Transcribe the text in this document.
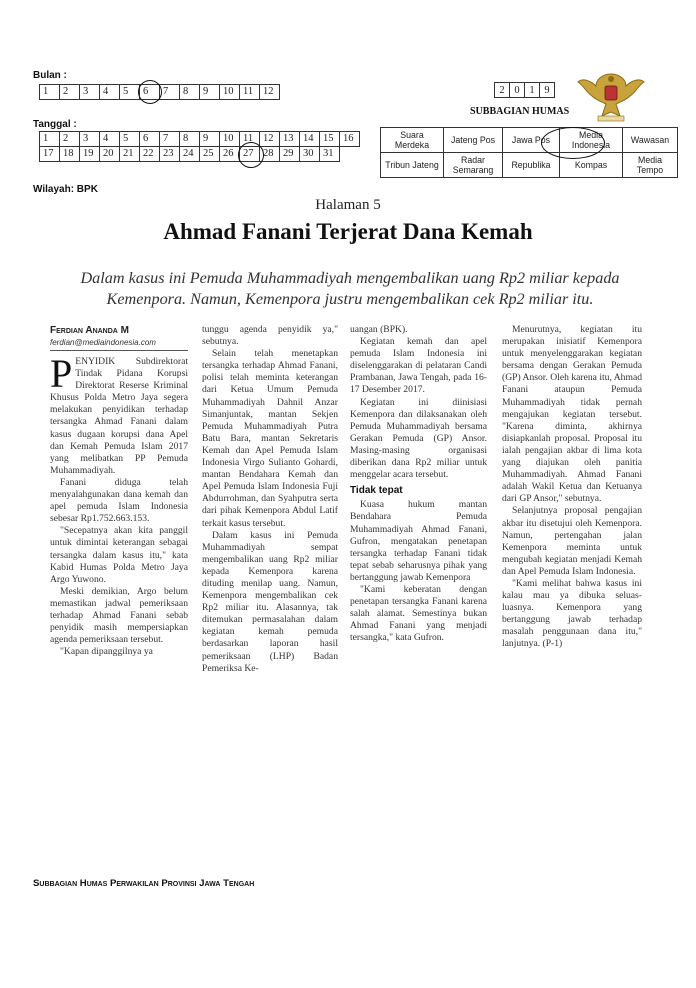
Bulan :
1	2	3	4	5	6	7	8	9	10	11	12
Tanggal :
1	2	3	4	5	6	7	8	9	10	11	12	13	14	15	16
17	18	19	20	21	22	23	24	25	26	27	28	29	30	31	
Wilayah: BPK
2	0	1	9
SUBBAGIAN HUMAS
Suara Merdeka	Jateng Pos	Jawa Pos	Media Indonesia	Wawasan
Tribun Jateng	Radar Semarang	Republika	Kompas	Media Tempo
Halaman 5
Ahmad Fanani Terjerat Dana Kemah
Dalam kasus ini Pemuda Muhammadiyah mengembalikan uang Rp2 miliar kepada Kemenpora. Namun, Kemenpora justru mengembalikan cek Rp2 miliar itu.
Ferdian Ananda M
ferdian@mediaindonesia.com

PENYIDIK Subdirektorat Tindak Pidana Korupsi Direktorat Reserse Kriminal Khusus Polda Metro Jaya segera melakukan penyidikan terhadap tersangka Ahmad Fanani dalam kasus dugaan korupsi dana Apel dan Kemah Pemuda Islam 2017 yang melibatkan PP Pemuda Muhammadiyah.

Fanani diduga telah menyalahgunakan dana kemah dan apel pemuda Islam Indonesia sebesar Rp1.752.663.153.

"Secepatnya akan kita panggil untuk dimintai keterangan sebagai tersangka dalam kasus itu," kata Kabid Humas Polda Metro Jaya Argo Yuwono.

Meski demikian, Argo belum memastikan jadwal pemeriksaan terhadap Ahmad Fanani sebab penyidik masih mempersiapkan agenda pemeriksaan tersebut.

"Kapan dipanggilnya ya

tunggu agenda penyidik ya," sebutnya.

Selain telah menetapkan tersangka terhadap Ahmad Fanani, polisi telah meminta keterangan dari Ketua Umum Pemuda Muhammadiyah Dahnil Anzar Simanjuntak, mantan Sekjen Pemuda Muhammadiyah Putra Batu Bara, mantan Sekretaris Kemah dan Apel Pemuda Islam Indonesia Virgo Sulianto Gohardi, mantan Bendahara Kemah dan Apel Pemuda Islam Indonesia Fuji Abdurrohman, dan Syahputra serta dari pihak Kemenpora Abdul Latif terkait kasus tersebut.

Dalam kasus ini Pemuda Muhammadiyah sempat mengembalikan uang Rp2 miliar kepada Kemenpora karena dituding menilap uang. Namun, Kemenpora mengembalikan cek Rp2 miliar itu. Alasannya, tak ditemukan permasalahan dalam kegiatan kemah pemuda berdasarkan laporan hasil pemeriksaan (LHP) Badan Pemeriksa Ke-

uangan (BPK).

Kegiatan kemah dan apel pemuda Islam Indonesia ini diselenggarakan di pelataran Candi Prambanan, Jawa Tengah, pada 16-17 Desember 2017.

Kegiatan ini diinisiasi Kemenpora dan dilaksanakan oleh Pemuda Muhammadiyah bersama Gerakan Pemuda (GP) Ansor. Masing-masing organisasi diberikan dana Rp2 miliar untuk menggelar acara tersebut.

Tidak tepat

Kuasa hukum mantan Bendahara Pemuda Muhammadiyah Ahmad Fanani, Gufron, mengatakan penetapan tersangka terhadap Fanani tidak tepat sebab seharusnya pihak yang bertanggung jawab Kemenpora

"Kami keberatan dengan penetapan tersangka Fanani karena salah alamat. Semestinya bukan Ahmad Fanani yang menjadi tersangka," kata Gufron.

Menurutnya, kegiatan itu merupakan inisiatif Kemenpora untuk menyelenggarakan kegiatan bersama dengan Gerakan Pemuda (GP) Ansor. Oleh karena itu, Ahmad Fanani ataupun Pemuda Muhammadiyah tidak pernah mengajukan kegiatan tersebut. "Karena diminta, akhirnya disiapkanlah proposal. Proposal itu ialah pengajian akbar di lima kota yang diajukan oleh panitia Muhammadiyah. Ahmad Fanani adalah Wakil Ketua dan Ketuanya dari GP Ansor," sebutnya.

Selanjutnya proposal pengajian akbar itu disetujui oleh Kemenpora. Namun, pertengahan jalan Kemenpora meminta untuk mengubah kegiatan menjadi Kemah dan Apel Pemuda Islam Indonesia.

"Kami melihat bahwa kasus ini kalau mau ya dibuka seluas-luasnya. Kemenpora yang bertanggung jawab terhadap masalah penggunaan dana itu," lanjutnya. (P-1)

Subbagian Humas Perwakilan Provinsi Jawa Tengah
